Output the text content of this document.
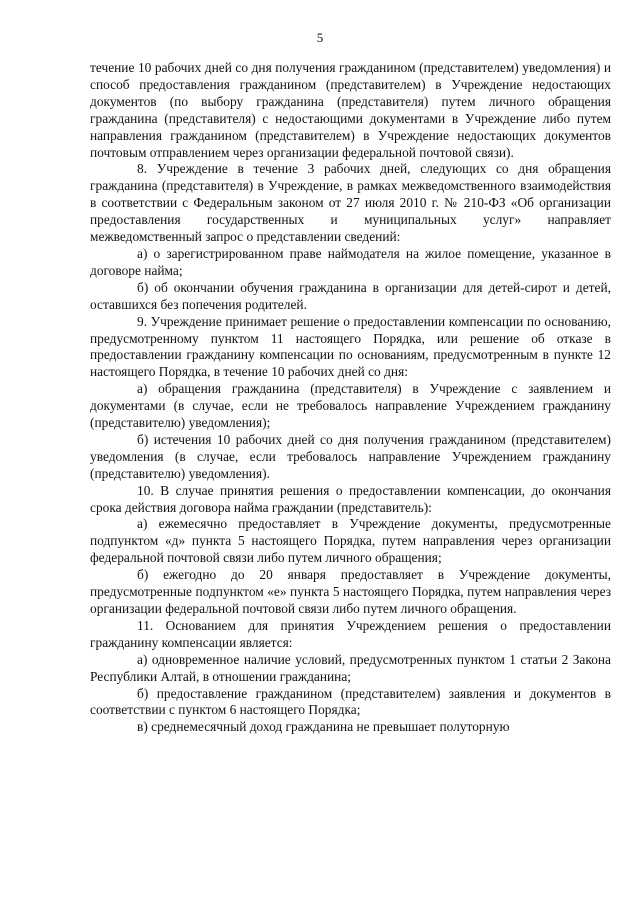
5

течение 10 рабочих дней со дня получения гражданином (представителем) уведомления) и способ предоставления гражданином (представителем) в Учреждение недостающих документов (по выбору гражданина (представителя) путем личного обращения гражданина (представителя) с недостающими документами в Учреждение либо путем направления гражданином (представителем) в Учреждение недостающих документов почтовым отправлением через организации федеральной почтовой связи).

8. Учреждение в течение 3 рабочих дней, следующих со дня обращения гражданина (представителя) в Учреждение, в рамках межведомственного взаимодействия в соответствии с Федеральным законом от 27 июля 2010 г. № 210-ФЗ «Об организации предоставления государственных и муниципальных услуг» направляет межведомственный запрос о представлении сведений:

а) о зарегистрированном праве наймодателя на жилое помещение, указанное в договоре найма;

б) об окончании обучения гражданина в организации для детей-сирот и детей, оставшихся без попечения родителей.

9. Учреждение принимает решение о предоставлении компенсации по основанию, предусмотренному пунктом 11 настоящего Порядка, или решение об отказе в предоставлении гражданину компенсации по основаниям, предусмотренным в пункте 12 настоящего Порядка, в течение 10 рабочих дней со дня:

а) обращения гражданина (представителя) в Учреждение с заявлением и документами (в случае, если не требовалось направление Учреждением гражданину (представителю) уведомления);

б) истечения 10 рабочих дней со дня получения гражданином (представителем) уведомления (в случае, если требовалось направление Учреждением гражданину (представителю) уведомления).

10. В случае принятия решения о предоставлении компенсации, до окончания срока действия договора найма граждании (представитель):

а) ежемесячно предоставляет в Учреждение документы, предусмотренные подпунктом «д» пункта 5 настоящего Порядка, путем направления через организации федеральной почтовой связи либо путем личного обращения;

б) ежегодно до 20 января предоставляет в Учреждение документы, предусмотренные подпунктом «е» пункта 5 настоящего Порядка, путем направления через организации федеральной почтовой связи либо путем личного обращения.

11. Основанием для принятия Учреждением решения о предоставлении гражданину компенсации является:

а) одновременное наличие условий, предусмотренных пунктом 1 статьи 2 Закона Республики Алтай, в отношении гражданина;

б) предоставление гражданином (представителем) заявления и документов в соответствии с пунктом 6 настоящего Порядка;

в) среднемесячный доход гражданина не превышает полуторную
